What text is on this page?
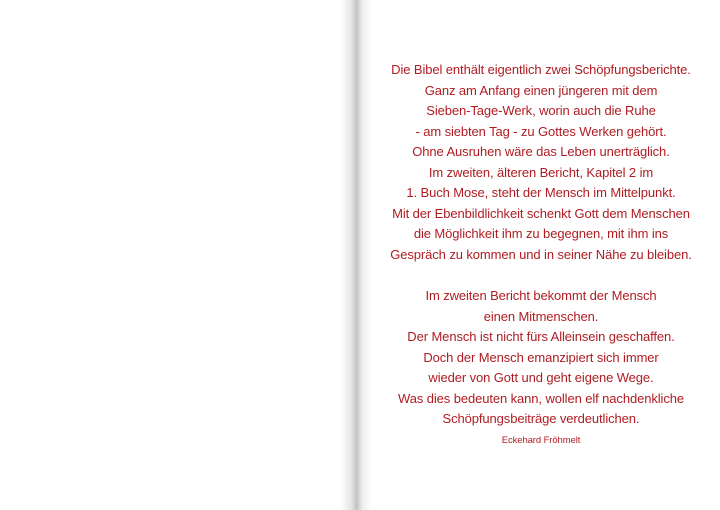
Die Bibel enthält eigentlich zwei Schöpfungsberichte.
Ganz am Anfang einen jüngeren mit dem
Sieben-Tage-Werk, worin auch die Ruhe
- am siebten Tag - zu Gottes Werken gehört.
Ohne Ausruhen wäre das Leben unerträglich.
Im zweiten, älteren Bericht, Kapitel 2 im
1. Buch Mose, steht der Mensch im Mittelpunkt.
Mit der Ebenbildlichkeit schenkt Gott dem Menschen
die Möglichkeit ihm zu begegnen, mit ihm ins
Gespräch zu kommen und in seiner Nähe zu bleiben.
Im zweiten Bericht bekommt der Mensch
einen Mitmenschen.
Der Mensch ist nicht fürs Alleinsein geschaffen.
Doch der Mensch emanzipiert sich immer
wieder von Gott und geht eigene Wege.
Was dies bedeuten kann, wollen elf nachdenkliche
Schöpfungsbeiträge verdeutlichen.
Eckehard Fröhmelt
